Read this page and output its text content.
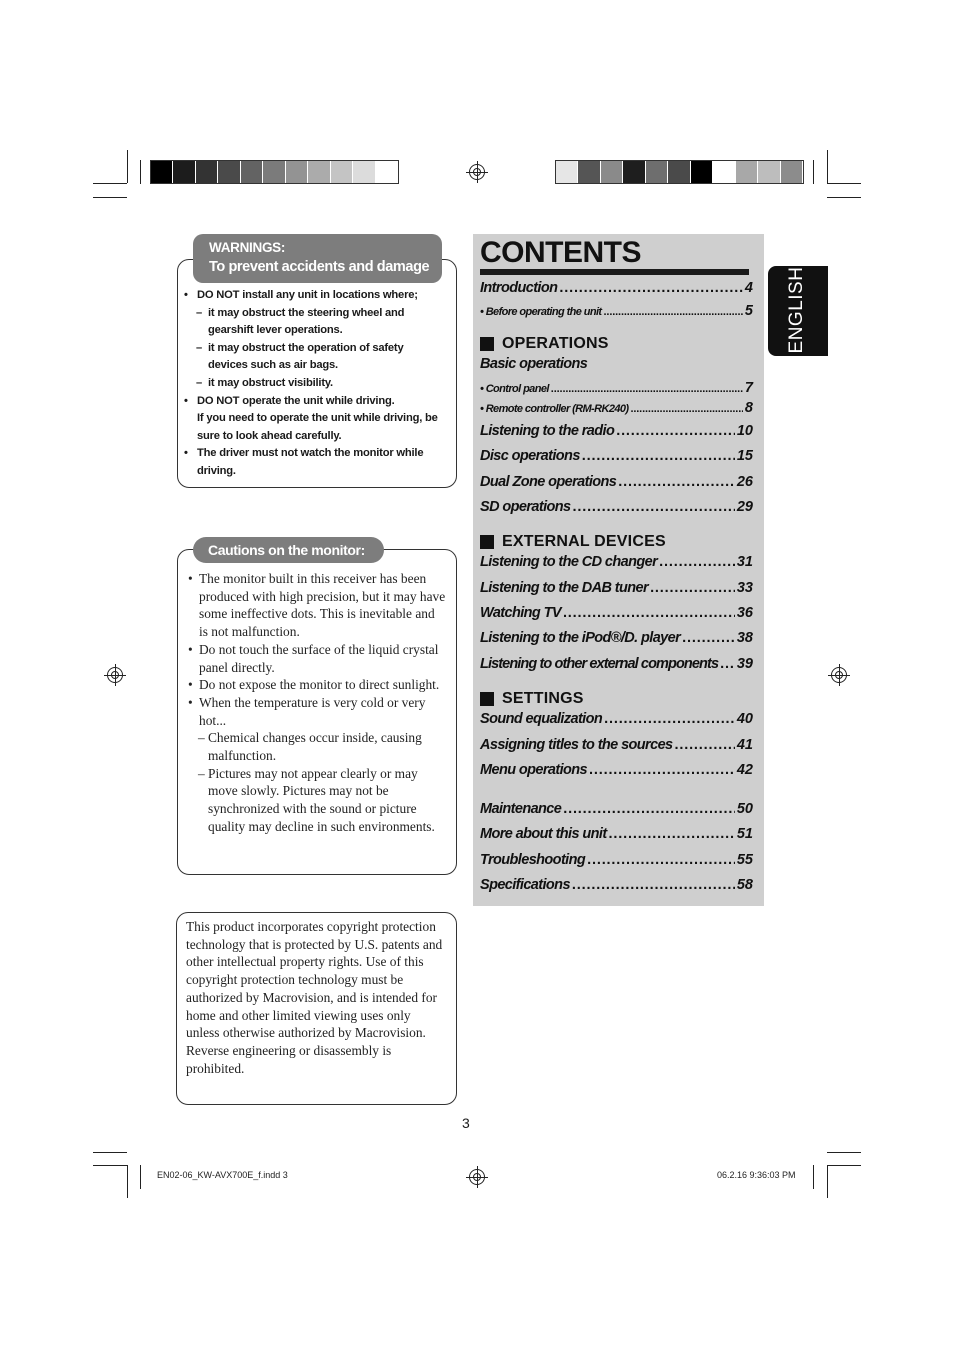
WARNINGS:
To prevent accidents and damage
• DO NOT install any unit in locations where;
– it may obstruct the steering wheel and gearshift lever operations.
– it may obstruct the operation of safety devices such as air bags.
– it may obstruct visibility.
• DO NOT operate the unit while driving.
If you need to operate the unit while driving, be sure to look ahead carefully.
• The driver must not watch the monitor while driving.
Cautions on the monitor:
• The monitor built in this receiver has been produced with high precision, but it may have some ineffective dots. This is inevitable and is not malfunction.
• Do not touch the surface of the liquid crystal panel directly.
• Do not expose the monitor to direct sunlight.
• When the temperature is very cold or very hot...
– Chemical changes occur inside, causing malfunction.
– Pictures may not appear clearly or may move slowly. Pictures may not be synchronized with the sound or picture quality may decline in such environments.
This product incorporates copyright protection technology that is protected by U.S. patents and other intellectual property rights. Use of this copyright protection technology must be authorized by Macrovision, and is intended for home and other limited viewing uses only unless otherwise authorized by Macrovision. Reverse engineering or disassembly is prohibited.
CONTENTS
Introduction . . .	4
• Before operating the unit . . .	5
OPERATIONS
Basic operations
• Control panel . . .	7
• Remote controller (RM-RK240) . . .	8
Listening to the radio . . .	10
Disc operations . . .	15
Dual Zone operations . . .	26
SD operations . . .	29
EXTERNAL DEVICES
Listening to the CD changer . . .	31
Listening to the DAB tuner . . .	33
Watching TV . . .	36
Listening to the iPod®/D. player . . .	38
Listening to other external components . . . 39
SETTINGS
Sound equalization . . .	40
Assigning titles to the sources . . .	41
Menu operations . . .	42
Maintenance . . .	50
More about this unit . . .	51
Troubleshooting . . .	55
Specifications . . .	58
ENGLISH
3
EN02-06_KW-AVX700E_f.indd 3	06.2.16 9:36:03 PM
